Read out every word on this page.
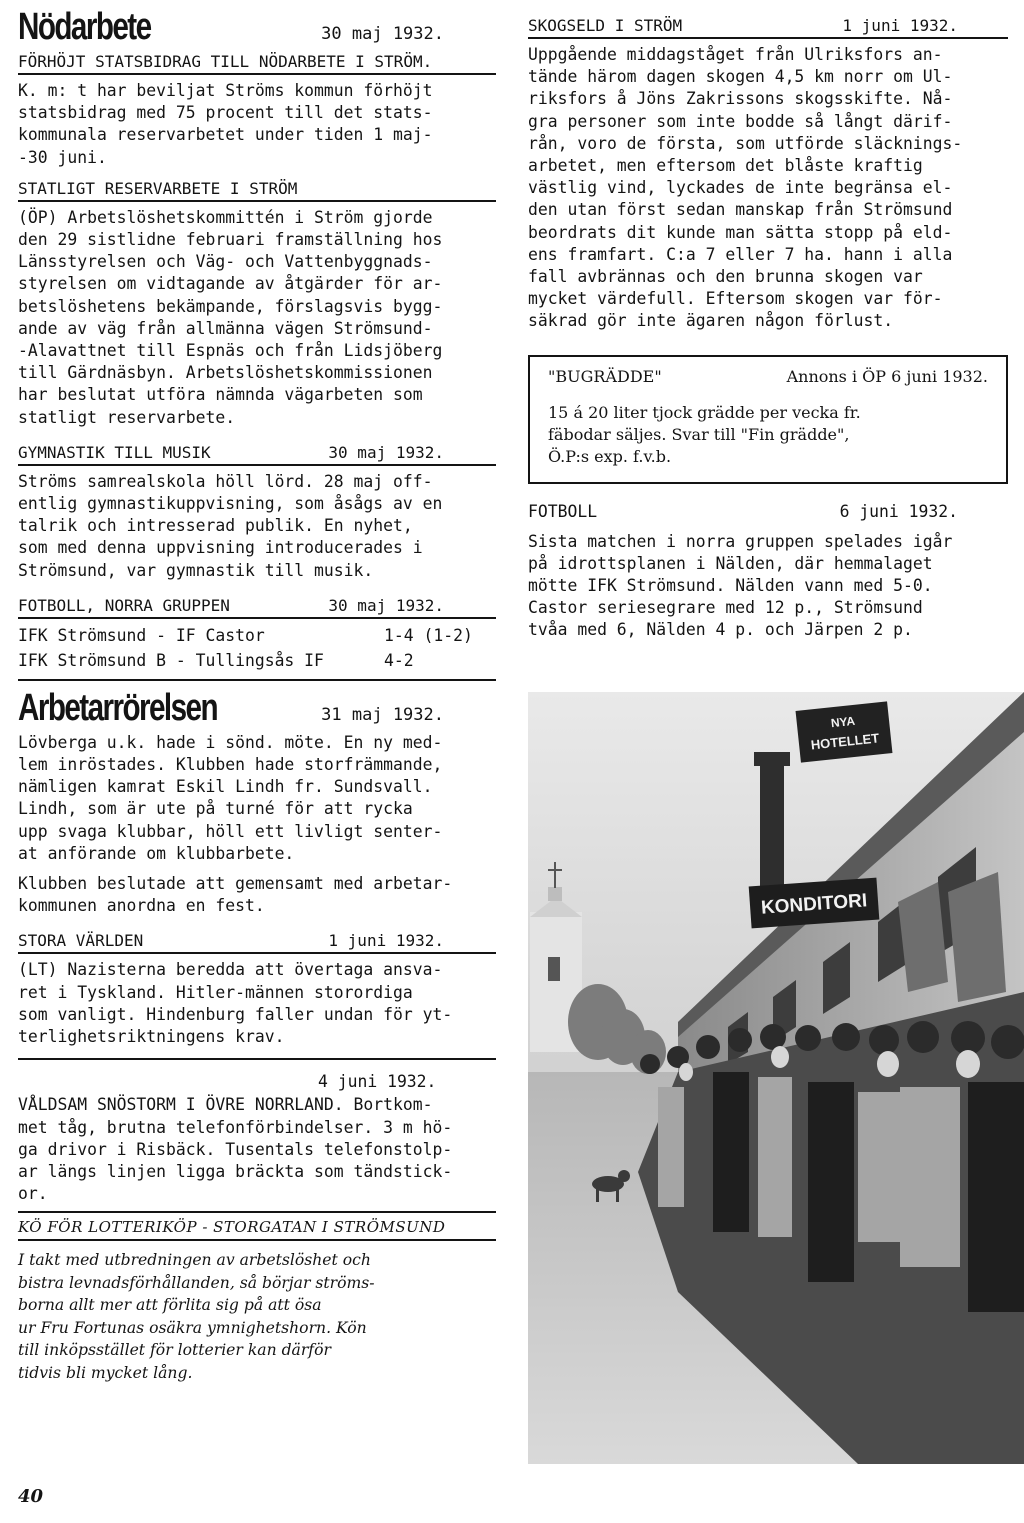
Nödarbete	30 maj 1932.
FÖRHÖJT STATSBIDRAG TILL NÖDARBETE I STRÖM.
K. m: t har beviljat Ströms kommun förhöjt
statsbidrag med 75 procent till det stats-
kommunala reservarbetet under tiden 1 maj-
-30 juni.
STATLIGT RESERVARBETE I STRÖM
(ÖP) Arbetslöshetskommittén i Ström gjorde
den 29 sistlidne februari framställning hos
Länsstyrelsen och Väg- och Vattenbyggnads-
styrelsen om vidtagande av åtgärder för ar-
betslöshetens bekämpande, förslagsvis bygg-
ande av väg från allmänna vägen Strömsund-
-Alavattnet till Espnäs och från Lidsjöberg
till Gärdnäsbyn. Arbetslöshetskommissionen
har beslutat utföra nämnda vägarbeten som
statligt reservarbete.
GYMNASTIK TILL MUSIK	30 maj 1932.
Ströms samrealskola höll lörd. 28 maj off-
entlig gymnastikuppvisning, som åsågs av en
talrik och intresserad publik. En nyhet,
som med denna uppvisning introducerades i
Strömsund, var gymnastik till musik.
FOTBOLL, NORRA GRUPPEN	30 maj 1932.
IFK Strömsund - IF Castor	1-4 (1-2)
IFK Strömsund B - Tullingsås IF	4-2
Arbetarrörelsen	31 maj 1932.
Lövberga u.k. hade i sönd. möte. En ny med-
lem inröstades. Klubben hade storfrämmande,
nämligen kamrat Eskil Lindh fr. Sundsvall.
Lindh, som är ute på turné för att rycka
upp svaga klubbar, höll ett livligt senter-
at anförande om klubbarbete.
Klubben beslutade att gemensamt med arbetar-
kommunen anordna en fest.
STORA VÄRLDEN	1 juni 1932.
(LT) Nazisterna beredda att övertaga ansva-
ret i Tyskland. Hitler-männen storordiga
som vanligt. Hindenburg faller undan för yt-
terlighetsriktningens krav.
4 juni 1932.
VÅLDSAM SNÖSTORM I ÖVRE NORRLAND. Bortkom-
met tåg, brutna telefonförbindelser. 3 m hö-
ga drivor i Risbäck. Tusentals telefonstolp-
ar längs linjen ligga bräckta som tändstick-
or.
KÖ FÖR LOTTERIKÖP - STORGATAN I STRÖMSUND
I takt med utbredningen av arbetslöshet och
bistra levnadsförhållanden, så börjar ströms-
borna allt mer att förlita sig på att ösa
ur Fru Fortunas osäkra ymnighetshorn. Kön
till inköpsstället för lotterier kan därför
tidvis bli mycket lång.
40
SKOGSELD I STRÖM	1 juni 1932.
Uppgående middagståget från Ulriksfors an-
tände härom dagen skogen 4,5 km norr om Ul-
riksfors å Jöns Zakrissons skogsskifte. Nå-
gra personer som inte bodde så långt därif-
rån, voro de första, som utförde släcknings-
arbetet, men eftersom det blåste kraftig
västlig vind, lyckades de inte begränsa el-
den utan först sedan manskap från Strömsund
beordrats dit kunde man sätta stopp på eld-
ens framfart. C:a 7 eller 7 ha. hann i alla
fall avbrännas och den brunna skogen var
mycket värdefull. Eftersom skogen var för-
säkrad gör inte ägaren någon förlust.
"BUGRÄDDE"	Annons i ÖP 6 juni 1932.
15 á 20 liter tjock grädde per vecka fr.
fäbodar säljes. Svar till "Fin grädde",
Ö.P:s exp. f.v.b.
FOTBOLL	6 juni 1932.
Sista matchen i norra gruppen spelades igår
på idrottsplanen i Nälden, där hemmalaget
mötte IFK Strömsund. Nälden vann med 5-0.
Castor seriesegrare med 12 p., Strömsund
tvåa med 6, Nälden 4 p. och Järpen 2 p.
NYA
HOTELLET
KONDITORI
